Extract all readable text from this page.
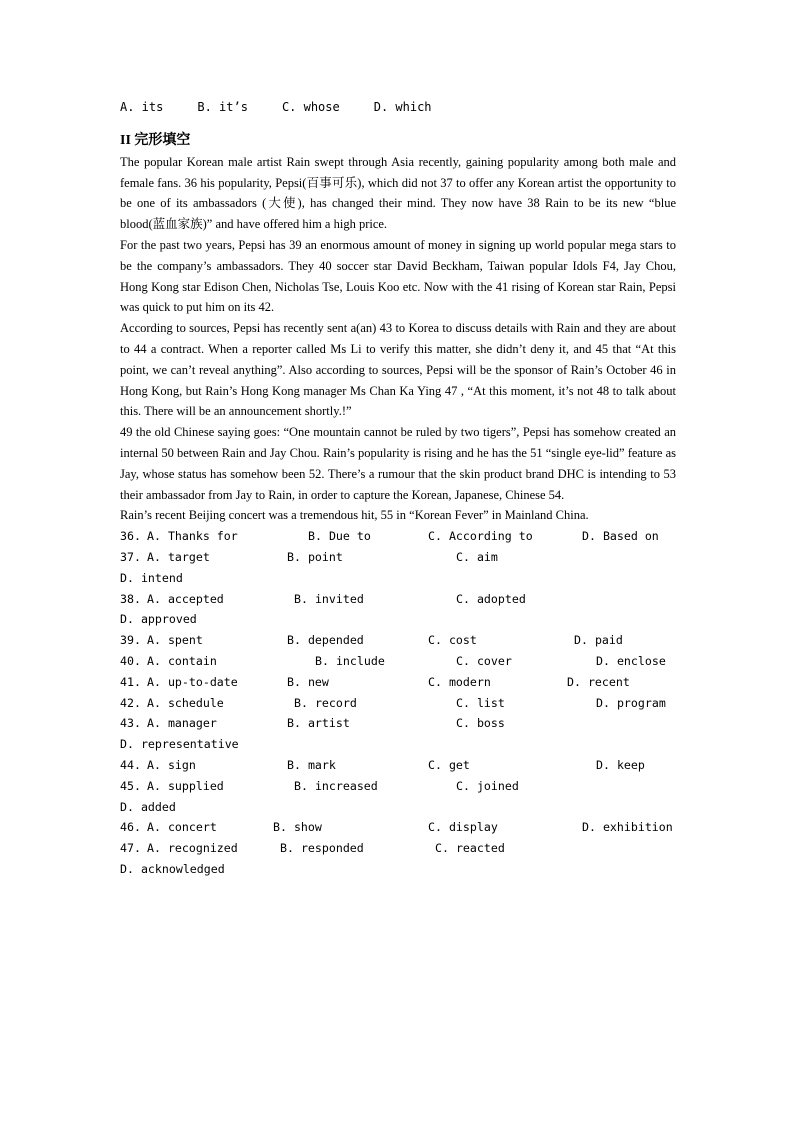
A. its	B. it’s	C. whose	D. which
II 完形填空

The popular Korean male artist Rain swept through Asia recently, gaining popularity among both male and female fans. 36 his popularity, Pepsi(百事可乐), which did not 37 to offer any Korean artist the opportunity to be one of its ambassadors (大使), has changed their mind. They now have 38 Rain to be its new “blue blood(蓝血家族)” and have offered him a high price.

For the past two years, Pepsi has 39 an enormous amount of money in signing up world popular mega stars to be the company’s ambassadors. They 40 soccer star David Beckham, Taiwan popular Idols F4, Jay Chou, Hong Kong star Edison Chen, Nicholas Tse, Louis Koo etc. Now with the 41 rising of Korean star Rain, Pepsi was quick to put him on its 42.

According to sources, Pepsi has recently sent a(an) 43 to Korea to discuss details with Rain and they are about to 44 a contract. When a reporter called Ms Li to verify this matter, she didn’t deny it, and 45 that “At this point, we can’t reveal anything”. Also according to sources, Pepsi will be the sponsor of Rain’s October 46 in Hong Kong, but Rain’s Hong Kong manager Ms Chan Ka Ying 47 , “At this moment, it’s not 48 to talk about this. There will be an announcement shortly.!”

49 the old Chinese saying goes: “One mountain cannot be ruled by two tigers”, Pepsi has somehow created an internal 50 between Rain and Jay Chou. Rain’s popularity is rising and he has the 51 “single eye-lid” feature as Jay, whose status has somehow been 52. There’s a rumour that the skin product brand DHC is intending to 53 their ambassador from Jay to Rain, in order to capture the Korean, Japanese, Chinese 54.

Rain’s recent Beijing concert was a tremendous hit, 55 in “Korean Fever” in Mainland China.

36. A. Thanks for	B. Due to	C. According to	D. Based on
37. A. target	B. point	C. aim
D. intend
38. A. accepted	B. invited	C. adopted
D. approved
39. A. spent	B. depended	C. cost	D. paid
40. A. contain	B. include	C. cover	D. enclose
41. A. up-to-date	B. new	C. modern	D. recent
42. A. schedule	B. record	C. list	D. program
43. A. manager	B. artist	C. boss
D. representative
44. A. sign	B. mark	C. get	D. keep
45. A. supplied	B. increased	C. joined
D. added
46. A. concert	B. show	C. display	D. exhibition
47. A. recognized	B. responded	C. reacted
D. acknowledged
